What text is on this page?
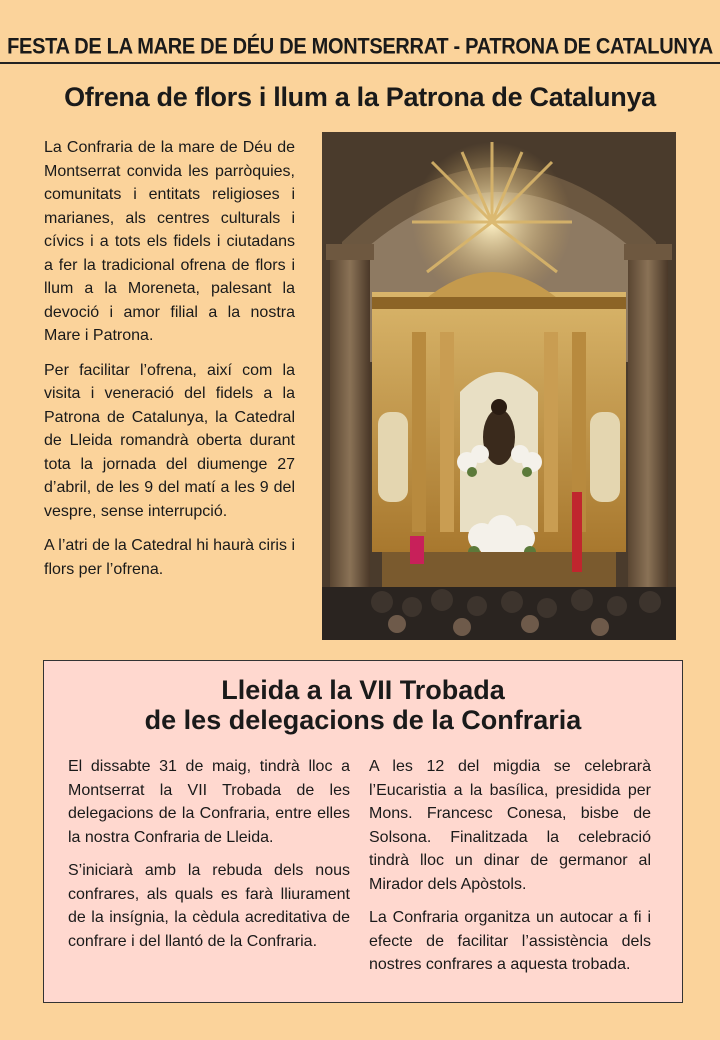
FESTA DE LA MARE DE DÉU DE MONTSERRAT - PATRONA DE CATALUNYA
Ofrena de flors i llum a la Patrona de Catalunya

La Confraria de la mare de Déu de Montserrat convida les parròquies, comunitats i entitats religioses i marianes, als centres culturals i cívics i a tots els fidels i ciutadans a fer la tradicional ofrena de flors i llum a la Moreneta, palesant la devoció i amor filial a la nostra Mare i Patrona.

Per facilitar l’ofrena, així com la visita i veneració del fidels a la Patrona de Catalunya, la Catedral de Lleida romandrà oberta durant tota la jornada del diumenge 27 d’abril, de les 9 del matí a les 9 del vespre, sense interrupció.

A l’atri de la Catedral hi haurà ciris i flors per l’ofrena.

Lleida a la VII Trobada
de les delegacions de la Confraria

El dissabte 31 de maig, tindrà lloc a Montserrat la VII Trobada de les delegacions de la Confraria, entre elles la nostra Confraria de Lleida.

S’iniciarà amb la rebuda dels nous confrares, als quals es farà lliurament de la insígnia, la cèdula acreditativa de confrare i del llantó de la Confraria.

A les 12 del migdia se celebrarà l’Eucaristia a la basílica, presidida per Mons. Francesc Conesa, bisbe de Solsona. Finalitzada la celebració tindrà lloc un dinar de germanor al Mirador dels Apòstols.

La Confraria organitza un autocar a fi i efecte de facilitar l’assistència dels nostres confrares a aquesta trobada.
